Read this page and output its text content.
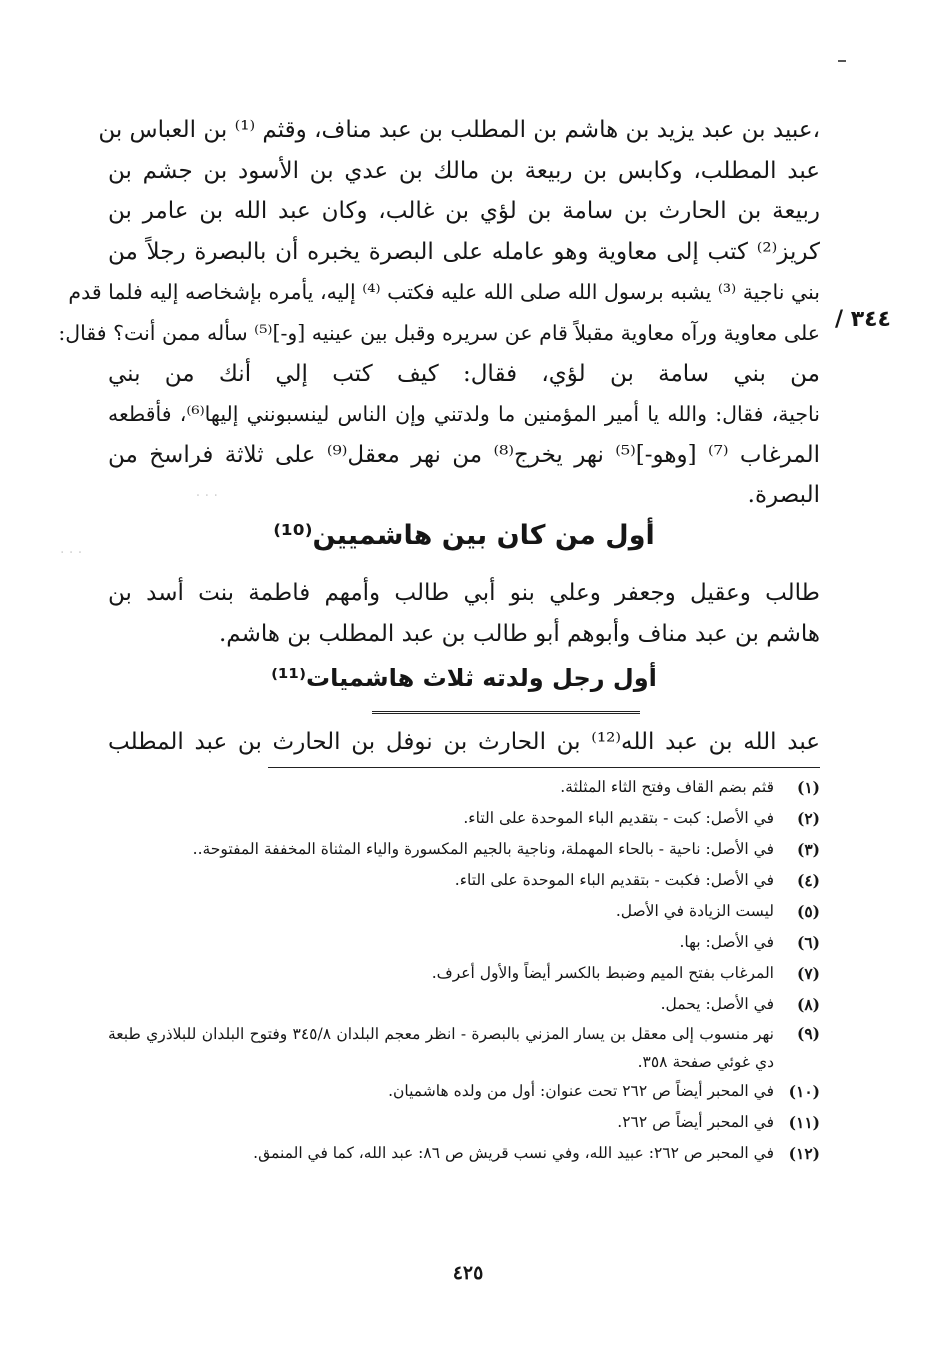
· · ·
· · ·
٣٤٤ /
،عبيد بن عبد يزيد بن هاشم بن المطلب بن عبد مناف، وقثم ⁽¹⁾ بن العباس بن
عبد المطلب، وكابس بن ربيعة بن مالك بن عدي بن الأسود بن جشم بن
ربيعة بن الحارث بن سامة بن لؤي بن غالب، وكان عبد الله بن عامر بن
كريز⁽²⁾ كتب إلى معاوية وهو عامله على البصرة يخبره أن بالبصرة رجلاً من
بني ناجية ⁽³⁾ يشبه برسول الله صلى الله عليه فكتب ⁽⁴⁾ إليه، يأمره بإشخاصه إليه فلما قدم
على معاوية ورآه معاوية مقبلاً قام عن سريره وقبل بين عينيه [و-]⁽⁵⁾ سأله ممن أنت؟ فقال:
من بني سامة بن لؤي، فقال: كيف كتب إلي أنك من بني
ناجية، فقال: والله يا أمير المؤمنين ما ولدتني وإن الناس لينسبونني إليها⁽⁶⁾، فأقطعه
المرغاب ⁽⁷⁾ [وهو-]⁽⁵⁾ نهر يخرج⁽⁸⁾ من نهر معقل⁽⁹⁾ على ثلاثة فراسخ من
البصرة.
أول من كان بين هاشميين⁽¹⁰⁾
طالب وعقيل وجعفر وعلي بنو أبي طالب وأمهم فاطمة بنت أسد بن
هاشم بن عبد مناف وأبوهم أبو طالب بن عبد المطلب بن هاشم.
أول رجل ولدته ثلاث هاشميات⁽¹¹⁾
عبد الله بن عبد الله⁽¹²⁾ بن الحارث بن نوفل بن الحارث بن عبد المطلب
(١)
قثم بضم القاف وفتح الثاء المثلثة.
(٢)
في الأصل: كبت - بتقديم الباء الموحدة على التاء.
(٣)
في الأصل: ناحية - بالحاء المهملة، وناجية بالجيم المكسورة والياء المثناة المخففة المفتوحة..
(٤)
في الأصل: فكبت - بتقديم الباء الموحدة على التاء.
(٥)
ليست الزيادة في الأصل.
(٦)
في الأصل: بها.
(٧)
المرغاب بفتح الميم وضبط بالكسر أيضاً والأول أعرف.
(٨)
في الأصل: يحمل.
(٩)
نهر منسوب إلى معقل بن يسار المزني بالبصرة - انظر معجم البلدان ٣٤٥/٨ وفتوح البلدان للبلاذري طبعة دي غوئي صفحة ٣٥٨.
(١٠)
في المحبر أيضاً ص ٢٦٢ تحت عنوان: أول من ولده هاشميان.
(١١)
في المحبر أيضاً ص ٢٦٢.
(١٢)
في المحبر ص ٢٦٢: عبيد الله، وفي نسب قريش ص ٨٦: عبد الله، كما في المنمق.
٤٢٥
